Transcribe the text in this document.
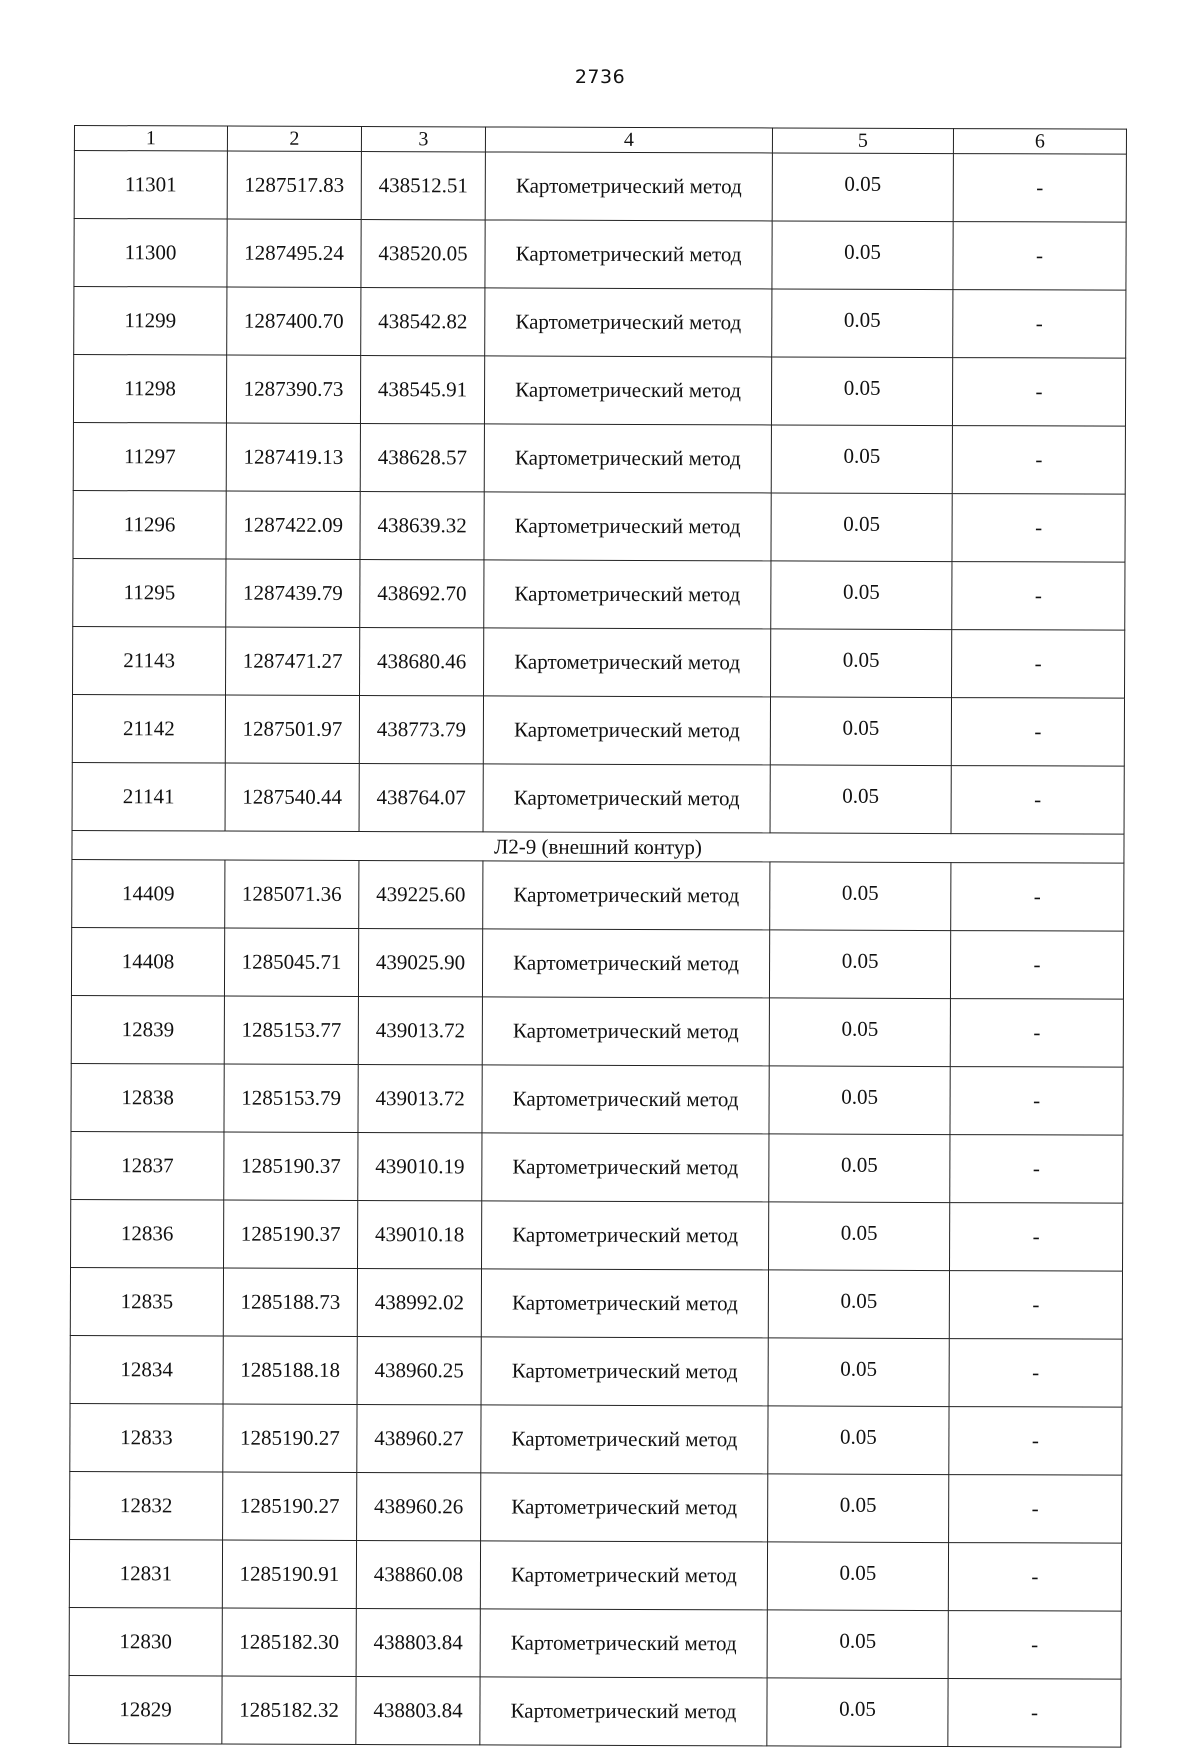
2736
1	2	3	4	5	6
11301	1287517.83	438512.51	Картометрический метод	0.05	-
11300	1287495.24	438520.05	Картометрический метод	0.05	-
11299	1287400.70	438542.82	Картометрический метод	0.05	-
11298	1287390.73	438545.91	Картометрический метод	0.05	-
11297	1287419.13	438628.57	Картометрический метод	0.05	-
11296	1287422.09	438639.32	Картометрический метод	0.05	-
11295	1287439.79	438692.70	Картометрический метод	0.05	-
21143	1287471.27	438680.46	Картометрический метод	0.05	-
21142	1287501.97	438773.79	Картометрический метод	0.05	-
21141	1287540.44	438764.07	Картометрический метод	0.05	-
Л2-9 (внешний контур)					
14409	1285071.36	439225.60	Картометрический метод	0.05	-
14408	1285045.71	439025.90	Картометрический метод	0.05	-
12839	1285153.77	439013.72	Картометрический метод	0.05	-
12838	1285153.79	439013.72	Картометрический метод	0.05	-
12837	1285190.37	439010.19	Картометрический метод	0.05	-
12836	1285190.37	439010.18	Картометрический метод	0.05	-
12835	1285188.73	438992.02	Картометрический метод	0.05	-
12834	1285188.18	438960.25	Картометрический метод	0.05	-
12833	1285190.27	438960.27	Картометрический метод	0.05	-
12832	1285190.27	438960.26	Картометрический метод	0.05	-
12831	1285190.91	438860.08	Картометрический метод	0.05	-
12830	1285182.30	438803.84	Картометрический метод	0.05	-
12829	1285182.32	438803.84	Картометрический метод	0.05	-
